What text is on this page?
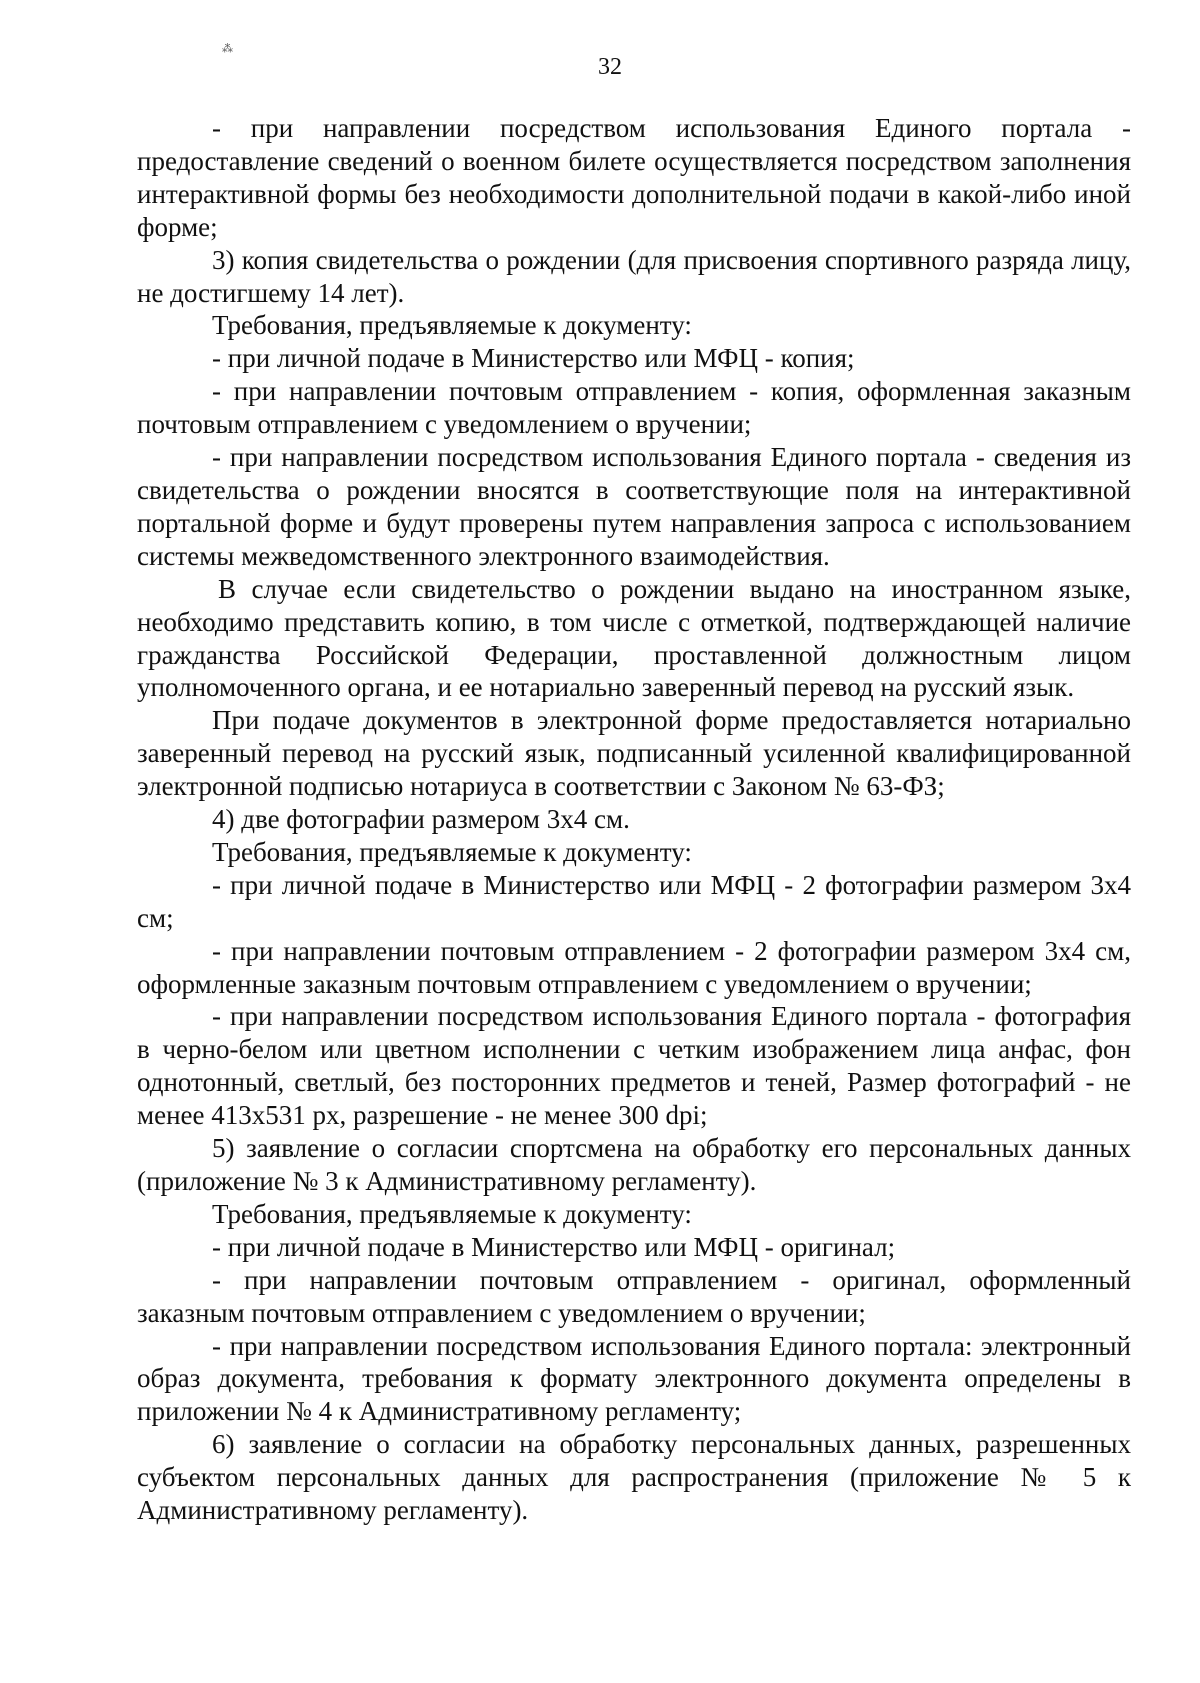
⁂
32

- при направлении посредством использования Единого портала - предоставление сведений о военном билете осуществляется посредством заполнения интерактивной формы без необходимости дополнительной подачи в какой-либо иной форме;

3) копия свидетельства о рождении (для присвоения спортивного разряда лицу, не достигшему 14 лет).

Требования, предъявляемые к документу:

- при личной подаче в Министерство или МФЦ - копия;

- при направлении почтовым отправлением - копия, оформленная заказным почтовым отправлением с уведомлением о вручении;

- при направлении посредством использования Единого портала - сведения из свидетельства о рождении вносятся в соответствующие поля на интерактивной портальной форме и будут проверены путем направления запроса с использованием системы межведомственного электронного взаимодействия.

В случае если свидетельство о рождении выдано на иностранном языке, необходимо представить копию, в том числе с отметкой, подтверждающей наличие гражданства Российской Федерации, проставленной должностным лицом уполномоченного органа, и ее нотариально заверенный перевод на русский язык.

При подаче документов в электронной форме предоставляется нотариально заверенный перевод на русский язык, подписанный усиленной квалифицированной электронной подписью нотариуса в соответствии с Законом № 63-ФЗ;

4) две фотографии размером 3х4 см.

Требования, предъявляемые к документу:

- при личной подаче в Министерство или МФЦ - 2 фотографии размером 3х4 см;

- при направлении почтовым отправлением - 2 фотографии размером 3х4 см, оформленные заказным почтовым отправлением с уведомлением о вручении;

- при направлении посредством использования Единого портала - фотография в черно-белом или цветном исполнении с четким изображением лица анфас, фон однотонный, светлый, без посторонних предметов и теней, Размер фотографий - не менее 413х531 px, разрешение - не менее 300 dpi;

5) заявление о согласии спортсмена на обработку его персональных данных (приложение № 3 к Административному регламенту).

Требования, предъявляемые к документу:

- при личной подаче в Министерство или МФЦ - оригинал;

- при направлении почтовым отправлением - оригинал, оформленный заказным почтовым отправлением с уведомлением о вручении;

- при направлении посредством использования Единого портала: электронный образ документа, требования к формату электронного документа определены в приложении № 4 к Административному регламенту;

6) заявление о согласии на обработку персональных данных, разрешенных субъектом персональных данных для распространения (приложение № 5 к Административному регламенту).
